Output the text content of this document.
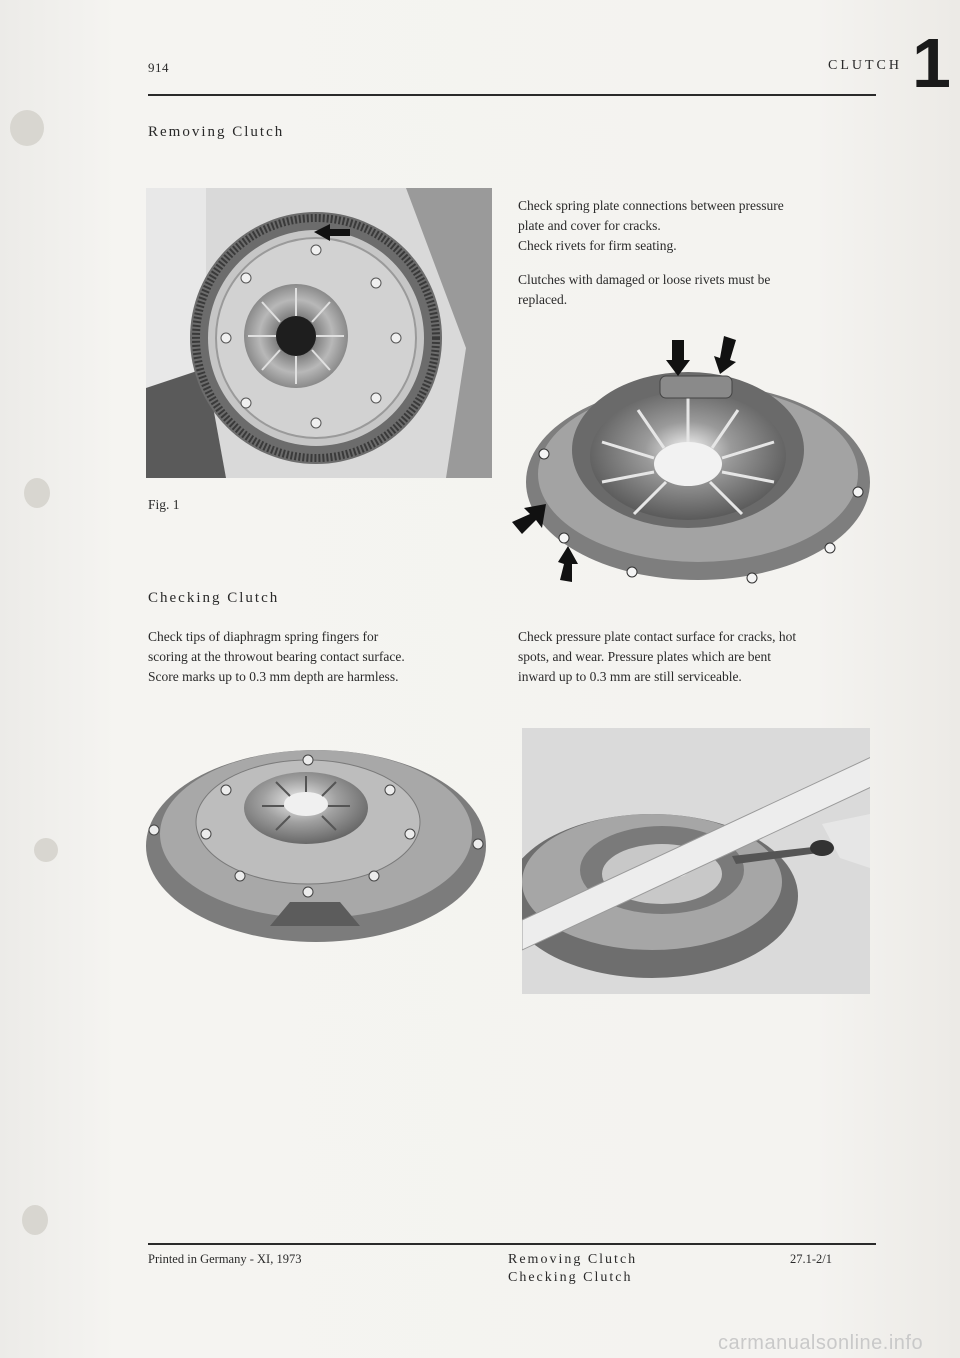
914	CLUTCH 1
Removing Clutch
Fig. 1
Check spring plate connections between pressure
plate and cover for cracks.
Check rivets for firm seating.
Clutches with damaged or loose rivets must be
replaced.
Checking Clutch
Check tips of diaphragm spring fingers for
scoring at the throwout bearing contact surface.
Score marks up to 0.3 mm depth are harmless.
Check pressure plate contact surface for cracks, hot
spots, and wear. Pressure plates which are bent
inward up to 0.3 mm are still serviceable.
Printed in Germany - XI, 1973	Removing Clutch
Checking Clutch
27.1-2/1
carmanualsonline.info
